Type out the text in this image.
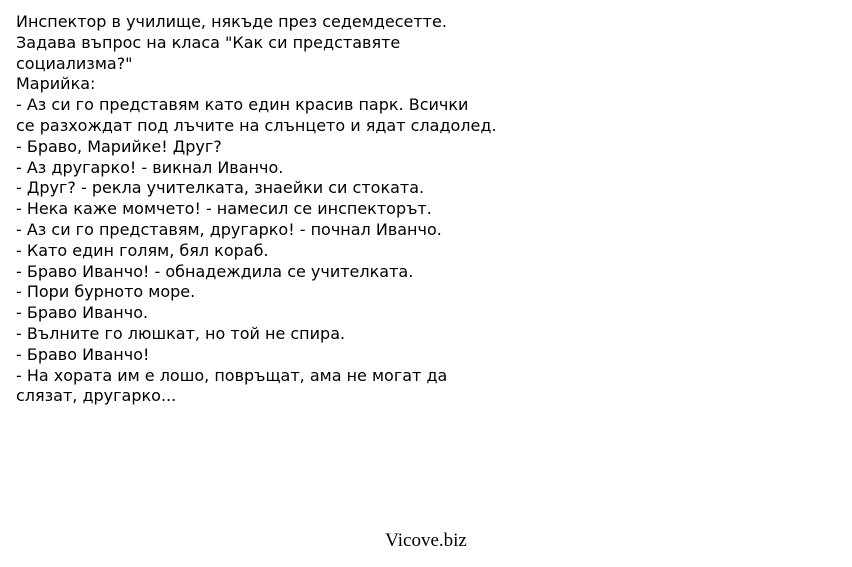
Инспектор в училище, някъде през седемдесетте.
Задава въпрос на класа "Как си представяте
социализма?"
Марийка:
- Аз си го представям като един красив парк. Всички
се разхождат под лъчите на слънцето и ядат сладолед.
- Браво, Марийке! Друг?
- Аз другарко! - викнал Иванчо.
- Друг? - рекла учителката, знаейки си стоката.
- Нека каже момчето! - намесил се инспекторът.
- Аз си го представям, другарко! - почнал Иванчо.
- Като един голям, бял кораб.
- Браво Иванчо! - обнадеждила се учителката.
- Пори бурното море.
- Браво Иванчо.
- Вълните го люшкат, но той не спира.
- Браво Иванчо!
- На хората им е лошо, повръщат, ама не могат да
слязат, другарко...
Vicove.biz
